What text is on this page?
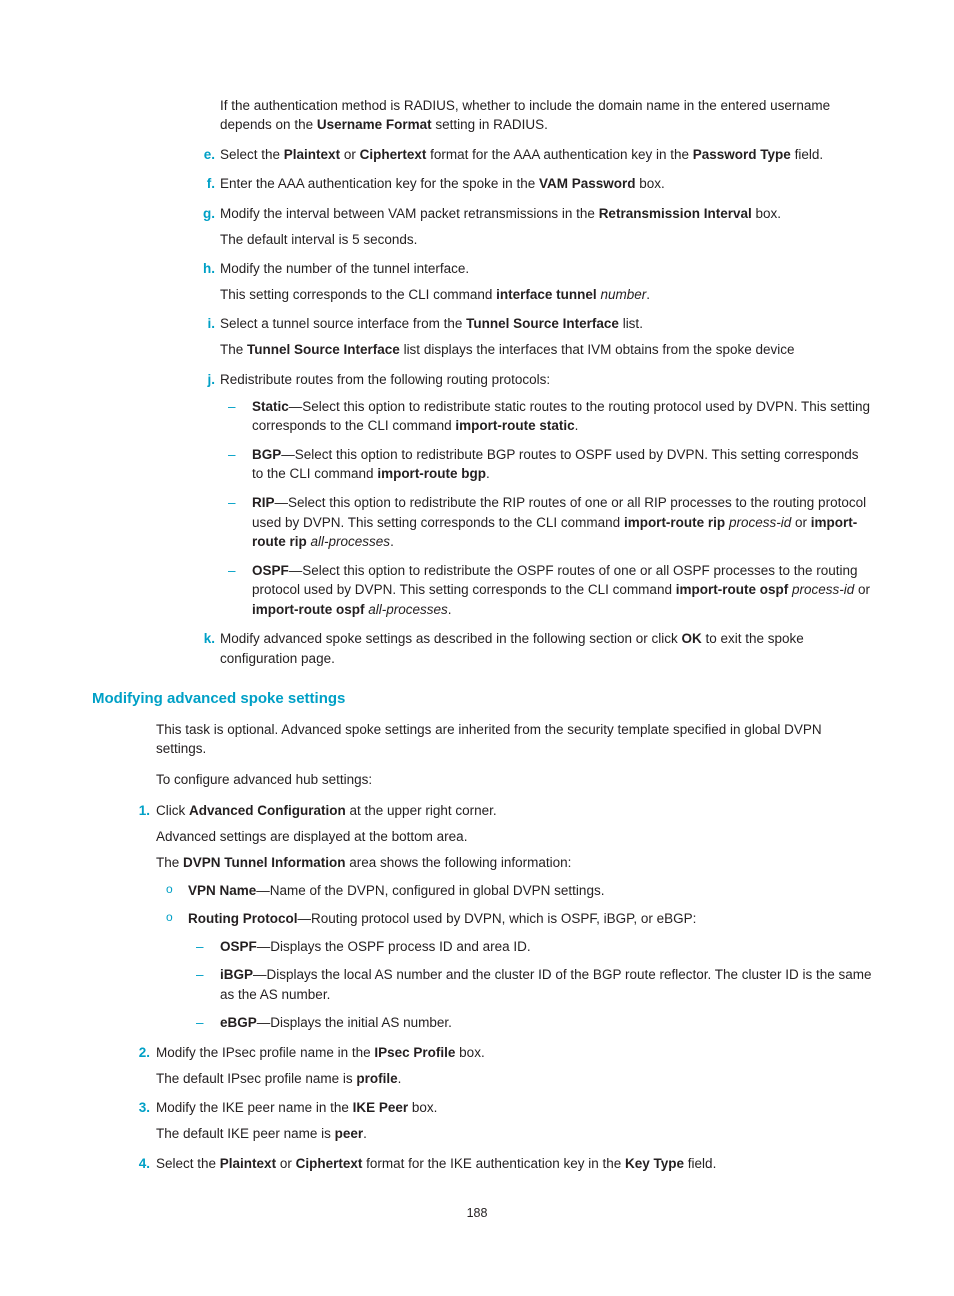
If the authentication method is RADIUS, whether to include the domain name in the entered username depends on the Username Format setting in RADIUS.

e. Select the Plaintext or Ciphertext format for the AAA authentication key in the Password Type field.
f. Enter the AAA authentication key for the spoke in the VAM Password box.
g. Modify the interval between VAM packet retransmissions in the Retransmission Interval box.

The default interval is 5 seconds.

h. Modify the number of the tunnel interface.

This setting corresponds to the CLI command interface tunnel number.

i. Select a tunnel source interface from the Tunnel Source Interface list.

The Tunnel Source Interface list displays the interfaces that IVM obtains from the spoke device

j. Redistribute routes from the following routing protocols:
– Static—Select this option to redistribute static routes to the routing protocol used by DVPN. This setting corresponds to the CLI command import-route static.
– BGP—Select this option to redistribute BGP routes to OSPF used by DVPN. This setting corresponds to the CLI command import-route bgp.
– RIP—Select this option to redistribute the RIP routes of one or all RIP processes to the routing protocol used by DVPN. This setting corresponds to the CLI command import-route rip process-id or import-route rip all-processes.
– OSPF—Select this option to redistribute the OSPF routes of one or all OSPF processes to the routing protocol used by DVPN. This setting corresponds to the CLI command import-route ospf process-id or import-route ospf all-processes.
k. Modify advanced spoke settings as described in the following section or click OK to exit the spoke configuration page.
Modifying advanced spoke settings

This task is optional. Advanced spoke settings are inherited from the security template specified in global DVPN settings.

To configure advanced hub settings:

1. Click Advanced Configuration at the upper right corner.

Advanced settings are displayed at the bottom area.

The DVPN Tunnel Information area shows the following information:

o VPN Name—Name of the DVPN, configured in global DVPN settings.
o Routing Protocol—Routing protocol used by DVPN, which is OSPF, iBGP, or eBGP:
– OSPF—Displays the OSPF process ID and area ID.
– iBGP—Displays the local AS number and the cluster ID of the BGP route reflector. The cluster ID is the same as the AS number.
– eBGP—Displays the initial AS number.
2. Modify the IPsec profile name in the IPsec Profile box.

The default IPsec profile name is profile.

3. Modify the IKE peer name in the IKE Peer box.

The default IKE peer name is peer.

4. Select the Plaintext or Ciphertext format for the IKE authentication key in the Key Type field.
188
